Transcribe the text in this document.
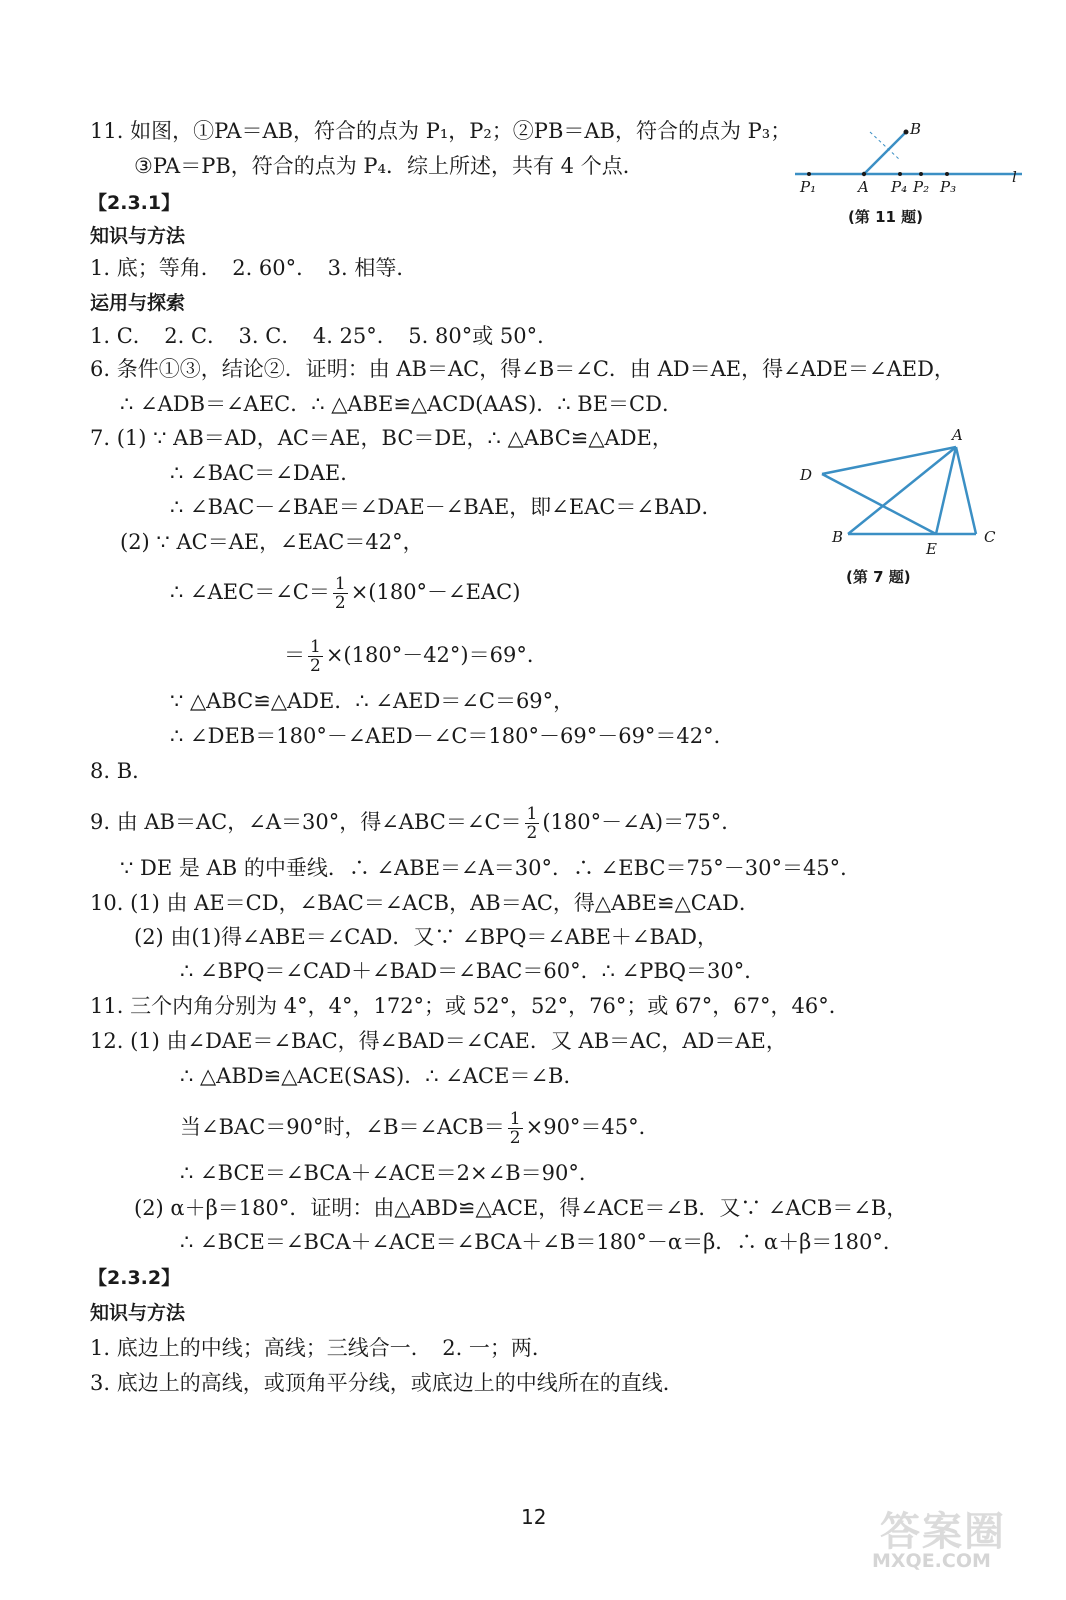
11. 如图，①PA＝AB，符合的点为 P₁，P₂；②PB＝AB，符合的点为 P₃；
③PA＝PB，符合的点为 P₄．综上所述，共有 4 个点．
【2.3.1】
知识与方法
1. 底；等角．　2. 60°．　3. 相等．
运用与探索
1. C．　2. C．　3. C．　4. 25°．　5. 80°或 50°．
6. 条件①③，结论②．证明：由 AB＝AC，得∠B＝∠C．由 AD＝AE，得∠ADE＝∠AED，
∴ ∠ADB＝∠AEC．∴ △ABE≌△ACD(AAS)．∴ BE＝CD．
7. (1) ∵ AB＝AD，AC＝AE，BC＝DE，∴ △ABC≌△ADE，
∴ ∠BAC＝∠DAE．
∴ ∠BAC－∠BAE＝∠DAE－∠BAE，即∠EAC＝∠BAD．
(2) ∵ AC＝AE，∠EAC＝42°，
∴ ∠AEC＝∠C＝ $\frac{1}{2}$ ×(180°－∠EAC)
＝ $\frac{1}{2} \times(180^\circ-42^\circ)=69^\circ$．
∵ △ABC≌△ADE．∴ ∠AED＝∠C＝69°，
∴ ∠DEB＝180°－∠AED－∠C＝180°－69°－69°＝42°．
8. B．
9. 由 AB＝AC，∠A＝30°，得∠ABC＝∠C＝ $\frac{1}{2}$ (180°－∠A)＝75°．
∵ DE 是 AB 的中垂线．∴ ∠ABE＝∠A＝30°．∴ ∠EBC＝75°－30°＝45°．
10. (1) 由 AE＝CD，∠BAC＝∠ACB，AB＝AC，得△ABE≌△CAD．
(2) 由(1)得∠ABE＝∠CAD．又∵ ∠BPQ＝∠ABE＋∠BAD，
∴ ∠BPQ＝∠CAD＋∠BAD＝∠BAC＝60°．∴ ∠PBQ＝30°．
11. 三个内角分别为 4°，4°，172°；或 52°，52°，76°；或 67°，67°，46°．
12. (1) 由∠DAE＝∠BAC，得∠BAD＝∠CAE．又 AB＝AC，AD＝AE，
∴ △ABD≌△ACE(SAS)．∴ ∠ACE＝∠B．
当∠BAC＝90°时，∠B＝∠ACB＝ $\frac{1}{2} \times 90^\circ=45^\circ$．
∴ ∠BCE＝∠BCA＋∠ACE＝2×∠B＝90°．
(2) α＋β＝180°．证明：由△ABD≌△ACE，得∠ACE＝∠B．又∵ ∠ACB＝∠B，
∴ ∠BCE＝∠BCA＋∠ACE＝∠BCA＋∠B＝180°－α＝β．∴ α＋β＝180°．
【2.3.2】
知识与方法
1. 底边上的中线；高线；三线合一．　2. 一；两．
3. 底边上的高线，或顶角平分线，或底边上的中线所在的直线．
B
P₁	A P₄ P₂ P₃
l
(第 11 题)
A
D
B
E
C
(第 7 题)
12	答案圈
MXQE.COM
